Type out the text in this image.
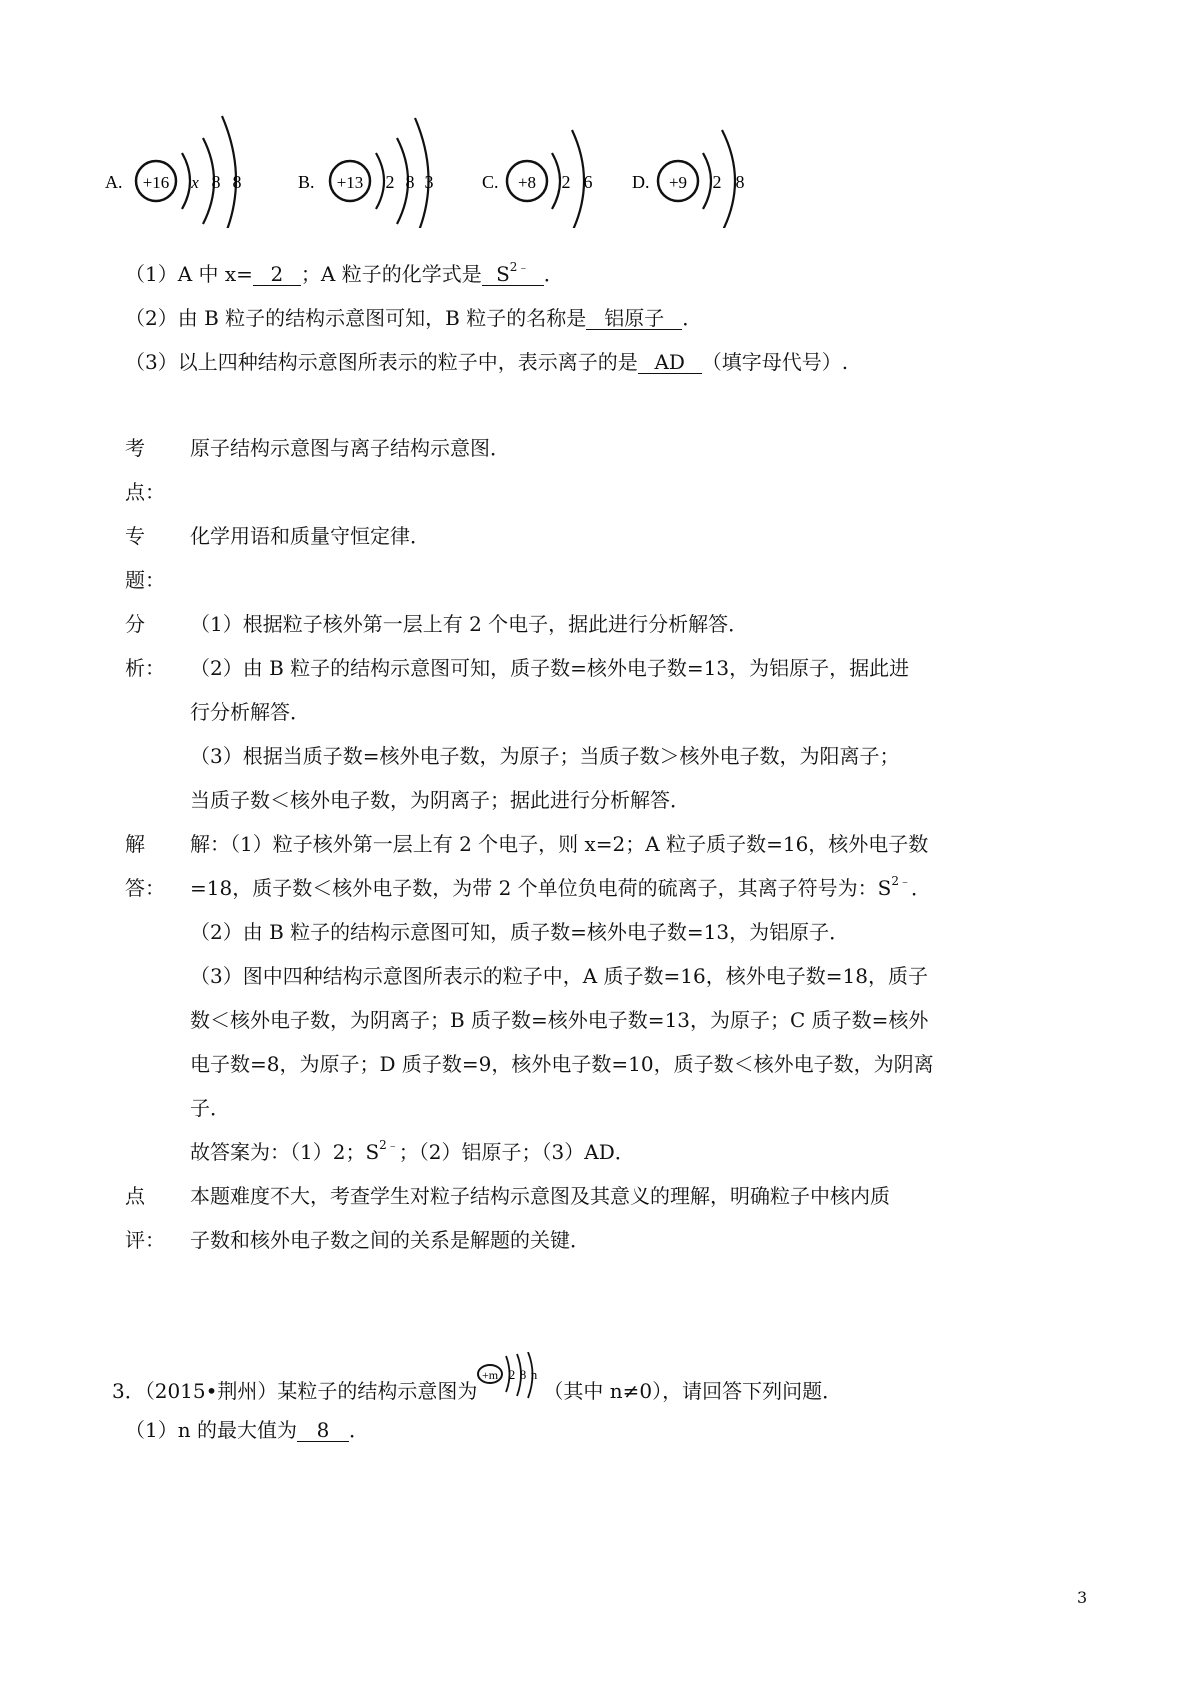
A. +16 x 8 8	B. +13 2 8 3	C. +8 2 6 D. +9 2 8
（1）A 中 x= 2 ；A 粒子的化学式是 $S^{2﹣}$ ．
（2）由 B 粒子的结构示意图可知，B 粒子的名称是 铝原子 ．
（3）以上四种结构示意图所表示的粒子中，表示离子的是 AD （填字母代号）.
考
点：
原子结构示意图与离子结构示意图．
专
题：
化学用语和质量守恒定律．
分
析：
（1）根据粒子核外第一层上有 2 个电子，据此进行分析解答．
（2）由 B 粒子的结构示意图可知，质子数=核外电子数=13，为铝原子，据此进
行分析解答．
（3）根据当质子数=核外电子数，为原子；当质子数＞核外电子数，为阳离子；
当质子数＜核外电子数，为阴离子；据此进行分析解答．
解
答：
解：（1）粒子核外第一层上有 2 个电子，则 x=2；A 粒子质子数=16，核外电子数
=18，质子数＜核外电子数，为带 2 个单位负电荷的硫离子，其离子符号为：$S^{2﹣}$．
（2）由 B 粒子的结构示意图可知，质子数=核外电子数=13，为铝原子．
（3）图中四种结构示意图所表示的粒子中，A 质子数=16，核外电子数=18，质子
数＜核外电子数，为阴离子；B 质子数=核外电子数=13，为原子；C 质子数=核外
电子数=8，为原子；D 质子数=9，核外电子数=10，质子数＜核外电子数，为阴离
子．
故答案为：（1）2；$S^{2﹣}$；（2）铝原子；（3）AD．
点
评：
本题难度不大，考查学生对粒子结构示意图及其意义的理解，明确粒子中核内质
子数和核外电子数之间的关系是解题的关键．
3．（2015•荆州）某粒子的结构示意图为
+m 2 8 n
（其中 n≠0），请回答下列问题．
（1）n 的最大值为 8 ．
3
